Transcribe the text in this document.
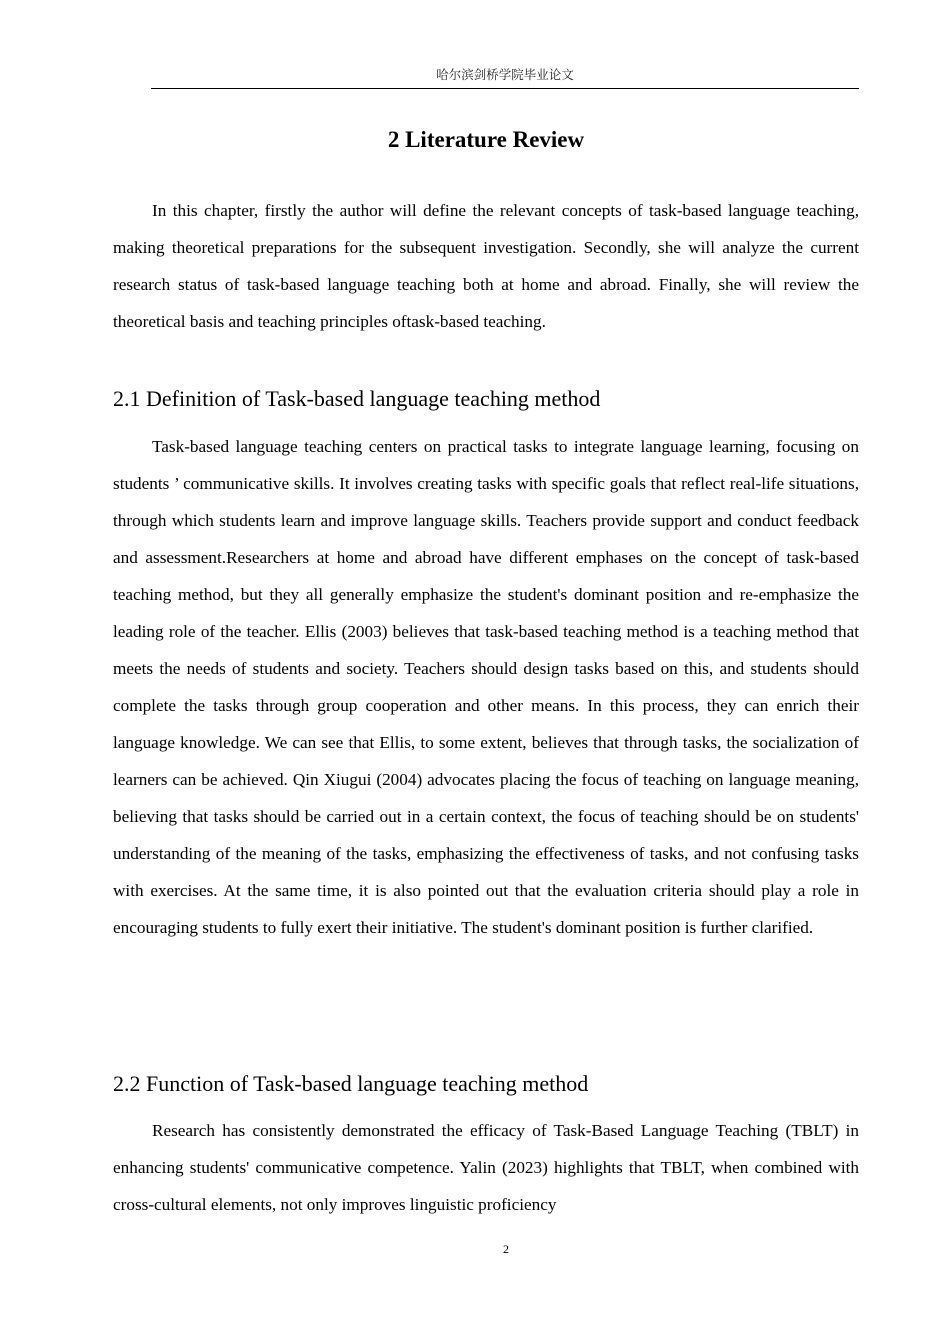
哈尔滨剑桥学院毕业论文
2 Literature Review

In this chapter, firstly the author will define the relevant concepts of task-based language teaching, making theoretical preparations for the subsequent investigation. Secondly, she will analyze the current research status of task-based language teaching both at home and abroad. Finally, she will review the theoretical basis and teaching principles oftask-based teaching.

2.1 Definition of Task-based language teaching method

Task-based language teaching centers on practical tasks to integrate language learning, focusing on students ’ communicative skills. It involves creating tasks with specific goals that reflect real-life situations, through which students learn and improve language skills. Teachers provide support and conduct feedback and assessment.Researchers at home and abroad have different emphases on the concept of task-based teaching method, but they all generally emphasize the student's dominant position and re-emphasize the leading role of the teacher. Ellis (2003) believes that task-based teaching method is a teaching method that meets the needs of students and society. Teachers should design tasks based on this, and students should complete the tasks through group cooperation and other means. In this process, they can enrich their language knowledge. We can see that Ellis, to some extent, believes that through tasks, the socialization of learners can be achieved. Qin Xiugui (2004) advocates placing the focus of teaching on language meaning, believing that tasks should be carried out in a certain context, the focus of teaching should be on students' understanding of the meaning of the tasks, emphasizing the effectiveness of tasks, and not confusing tasks with exercises. At the same time, it is also pointed out that the evaluation criteria should play a role in encouraging students to fully exert their initiative. The student's dominant position is further clarified.

2.2 Function of Task-based language teaching method

Research has consistently demonstrated the efficacy of Task-Based Language Teaching (TBLT) in enhancing students' communicative competence. Yalin (2023) highlights that TBLT, when combined with cross-cultural elements, not only improves linguistic proficiency

2
